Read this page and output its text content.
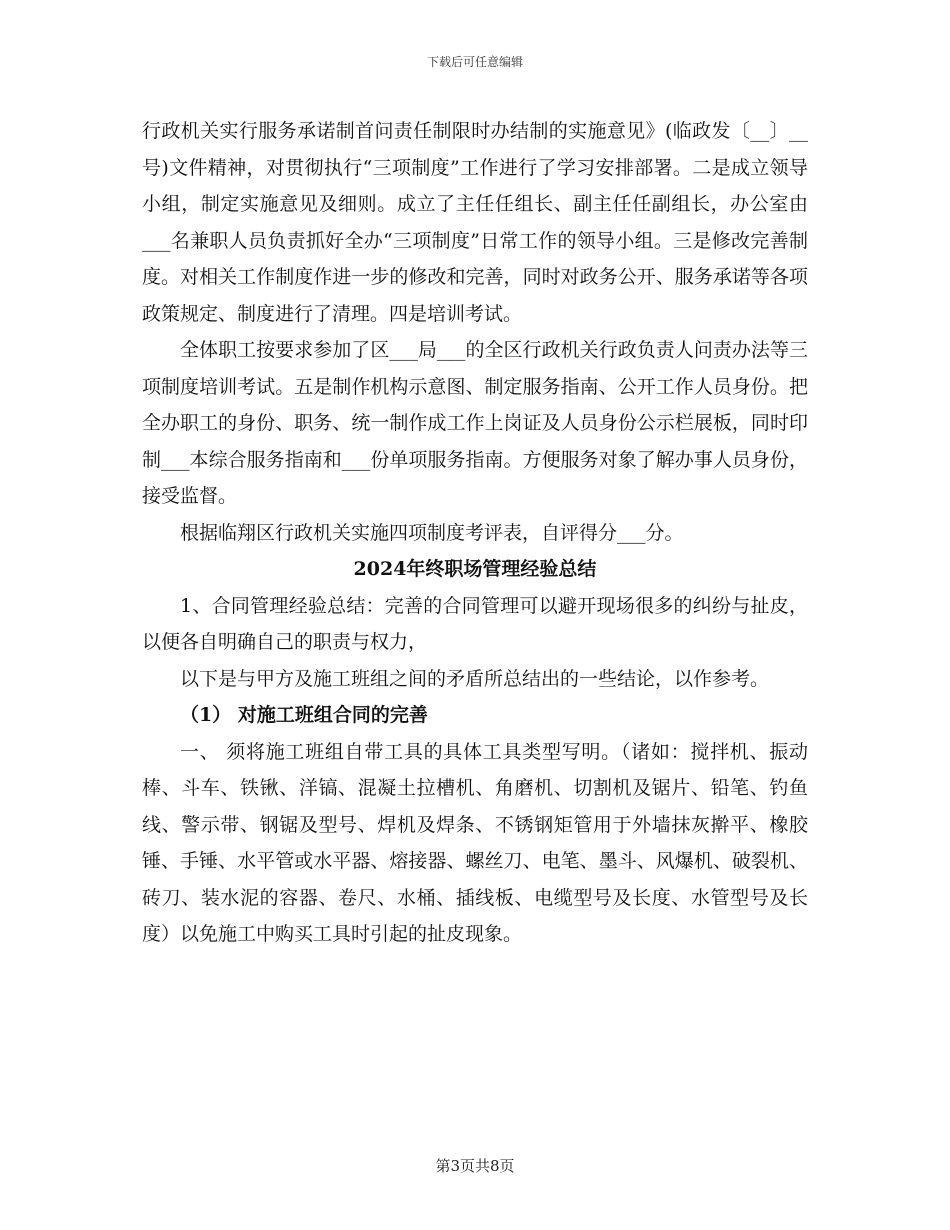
下载后可任意编辑

行政机关实行服务承诺制首问责任制限时办结制的实施意见》(临政发〔__〕__号)文件精神，对贯彻执行“三项制度”工作进行了学习安排部署。二是成立领导小组，制定实施意见及细则。成立了主任任组长、副主任任副组长，办公室由___名兼职人员负责抓好全办“三项制度”日常工作的领导小组。三是修改完善制度。对相关工作制度作进一步的修改和完善，同时对政务公开、服务承诺等各项政策规定、制度进行了清理。四是培训考试。

全体职工按要求参加了区___局___的全区行政机关行政负责人问责办法等三项制度培训考试。五是制作机构示意图、制定服务指南、公开工作人员身份。把全办职工的身份、职务、统一制作成工作上岗证及人员身份公示栏展板，同时印制___本综合服务指南和___份单项服务指南。方便服务对象了解办事人员身份，接受监督。

根据临翔区行政机关实施四项制度考评表，自评得分___分。

2024年终职场管理经验总结

1、合同管理经验总结：完善的合同管理可以避开现场很多的纠纷与扯皮，以便各自明确自己的职责与权力，

以下是与甲方及施工班组之间的矛盾所总结出的一些结论，以作参考。

（1） 对施工班组合同的完善

一、 须将施工班组自带工具的具体工具类型写明。（诸如：搅拌机、振动棒、斗车、铁锹、洋镐、混凝土拉槽机、角磨机、切割机及锯片、铅笔、钓鱼线、警示带、钢锯及型号、焊机及焊条、不锈钢矩管用于外墙抹灰擀平、橡胶锤、手锤、水平管或水平器、熔接器、螺丝刀、电笔、墨斗、风爆机、破裂机、砖刀、装水泥的容器、卷尺、水桶、插线板、电缆型号及长度、水管型号及长度）以免施工中购买工具时引起的扯皮现象。

第3页共8页
